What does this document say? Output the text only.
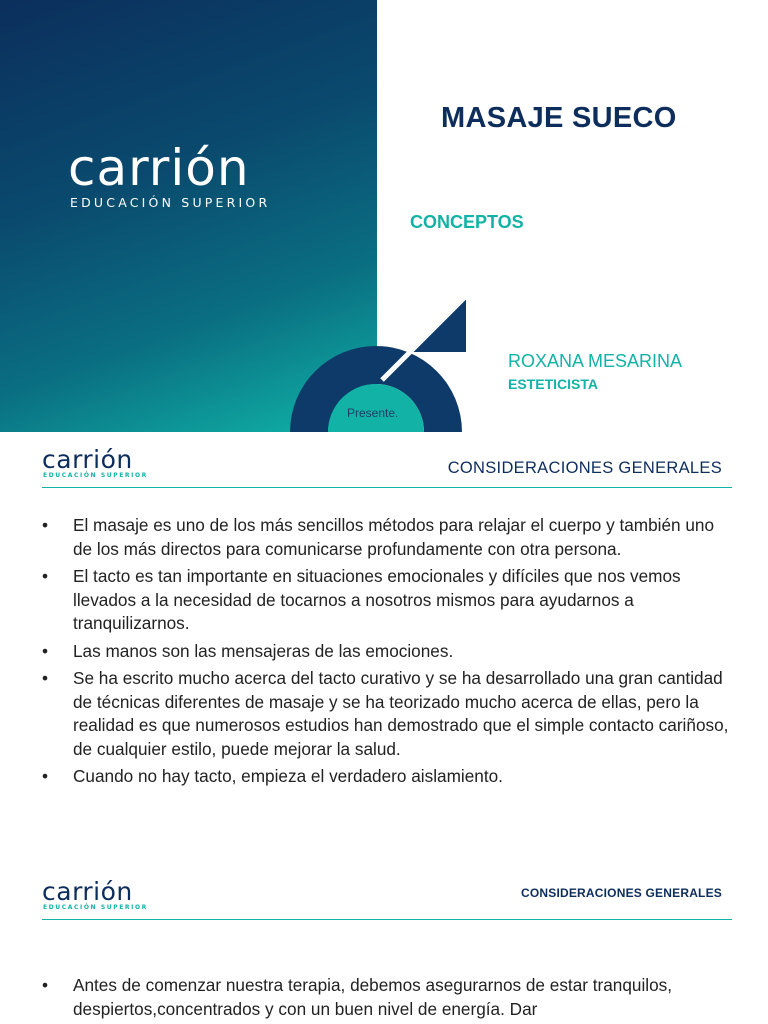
carrión
EDUCACIÓN SUPERIOR
Presente.
MASAJE SUECO
CONCEPTOS
ROXANA MESARINA
ESTETICISTA
carrión
EDUCACIÓN SUPERIOR	CONSIDERACIONES GENERALES
• El masaje es uno de los más sencillos métodos para relajar el cuerpo y también uno de los más directos para comunicarse profundamente con otra persona.
• El tacto es tan importante en situaciones emocionales y difíciles que nos vemos llevados a la necesidad de tocarnos a nosotros mismos para ayudarnos a tranquilizarnos.
• Las manos son las mensajeras de las emociones.
• Se ha escrito mucho acerca del tacto curativo y se ha desarrollado una gran cantidad de técnicas diferentes de masaje y se ha teorizado mucho acerca de ellas, pero la realidad es que numerosos estudios han demostrado que el simple contacto cariñoso, de cualquier estilo, puede mejorar la salud.
• Cuando no hay tacto, empieza el verdadero aislamiento.
carrión
EDUCACIÓN SUPERIOR
CONSIDERACIONES GENERALES
• Antes de comenzar nuestra terapia, debemos asegurarnos de estar tranquilos, despiertos,concentrados y con un buen nivel de energía. Dar
